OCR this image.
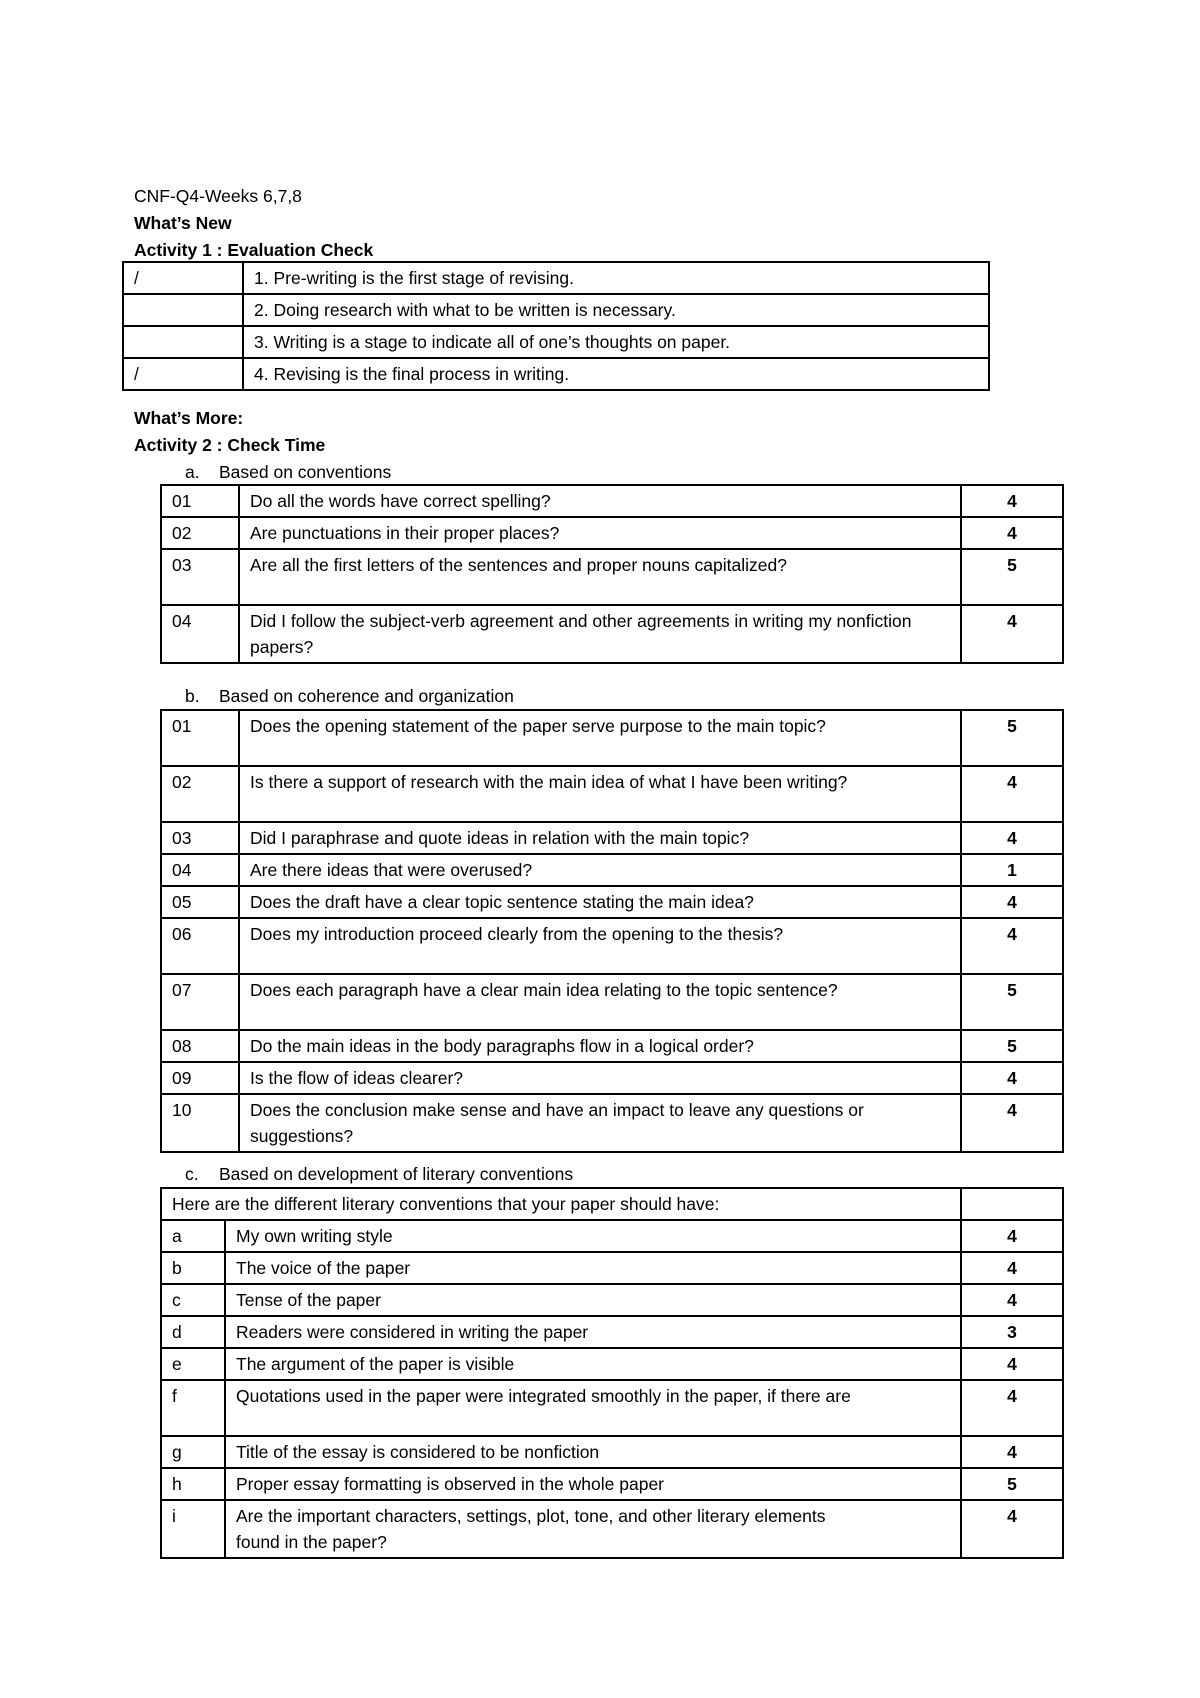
CNF-Q4-Weeks 6,7,8
What’s New
Activity 1 : Evaluation Check
/	1. Pre-writing is the first stage of revising.
	2. Doing research with what to be written is necessary.
	3. Writing is a stage to indicate all of one’s thoughts on paper.
/	4. Revising is the final process in writing.
What’s More:
Activity 2 : Check Time
a. Based on conventions
01	Do all the words have correct spelling?	4
02	Are punctuations in their proper places?	4
03	Are all the first letters of the sentences and proper nouns capitalized?	5
04	Did I follow the subject-verb agreement and other agreements in writing my nonfiction papers?	4
b. Based on coherence and organization
01	Does the opening statement of the paper serve purpose to the main topic?	5
02	Is there a support of research with the main idea of what I have been writing?	4
03	Did I paraphrase and quote ideas in relation with the main topic?	4
04	Are there ideas that were overused?	1
05	Does the draft have a clear topic sentence stating the main idea?	4
06	Does my introduction proceed clearly from the opening to the thesis?	4
07	Does each paragraph have a clear main idea relating to the topic sentence?	5
08	Do the main ideas in the body paragraphs flow in a logical order?	5
09	Is the flow of ideas clearer?	4
10	Does the conclusion make sense and have an impact to leave any questions or suggestions?	4
c. Based on development of literary conventions
Here are the different literary conventions that your paper should have:		
a	My own writing style	4
b	The voice of the paper	4
c	Tense of the paper	4
d	Readers were considered in writing the paper	3
e	The argument of the paper is visible	4
f	Quotations used in the paper were integrated smoothly in the paper, if there are	4
g	Title of the essay is considered to be nonfiction	4
h	Proper essay formatting is observed in the whole paper	5
i	Are the important characters, settings, plot, tone, and other literary elements found in the paper?	4
